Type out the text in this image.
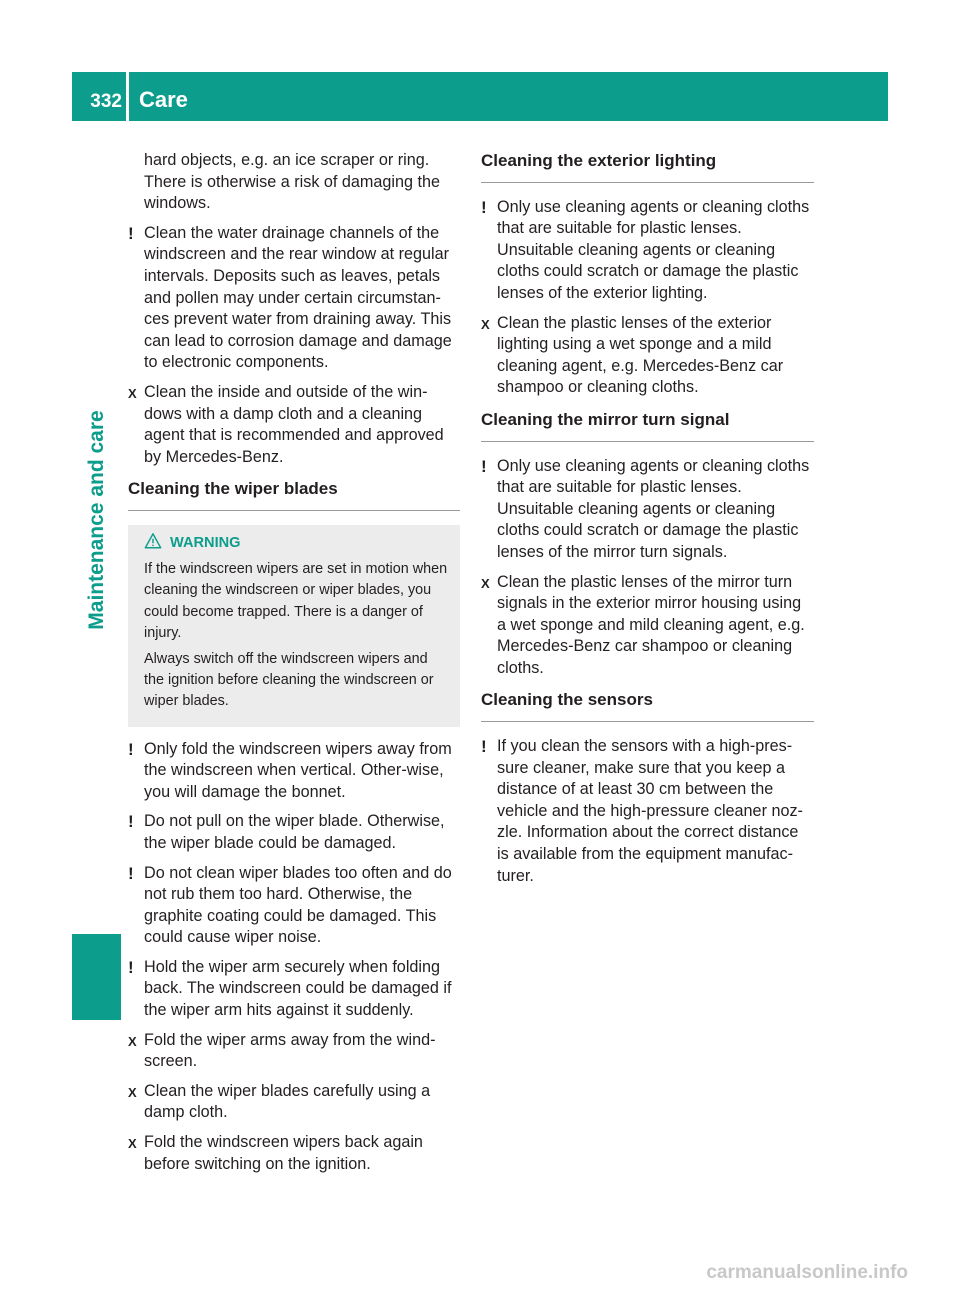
332 Care
Maintenance and care

hard objects, e.g. an ice scraper or ring. There is otherwise a risk of damaging the windows.

! Clean the water drainage channels of the windscreen and the rear window at regular intervals. Deposits such as leaves, petals and pollen may under certain circumstan-ces prevent water from draining away. This can lead to corrosion damage and damage to electronic components.

X Clean the inside and outside of the win-dows with a damp cloth and a cleaning agent that is recommended and approved by Mercedes-Benz.

Cleaning the wiper blades
WARNING

If the windscreen wipers are set in motion when cleaning the windscreen or wiper blades, you could become trapped. There is a danger of injury.

Always switch off the windscreen wipers and the ignition before cleaning the windscreen or wiper blades.

! Only fold the windscreen wipers away from the windscreen when vertical. Other-wise, you will damage the bonnet.

! Do not pull on the wiper blade. Otherwise, the wiper blade could be damaged.

! Do not clean wiper blades too often and do not rub them too hard. Otherwise, the graphite coating could be damaged. This could cause wiper noise.

! Hold the wiper arm securely when folding back. The windscreen could be damaged if the wiper arm hits against it suddenly.

X Fold the wiper arms away from the wind-screen.

X Clean the wiper blades carefully using a damp cloth.

X Fold the windscreen wipers back again before switching on the ignition.

Cleaning the exterior lighting
! Only use cleaning agents or cleaning cloths that are suitable for plastic lenses. Unsuitable cleaning agents or cleaning cloths could scratch or damage the plastic lenses of the exterior lighting.

X Clean the plastic lenses of the exterior lighting using a wet sponge and a mild cleaning agent, e.g. Mercedes-Benz car shampoo or cleaning cloths.

Cleaning the mirror turn signal
! Only use cleaning agents or cleaning cloths that are suitable for plastic lenses. Unsuitable cleaning agents or cleaning cloths could scratch or damage the plastic lenses of the mirror turn signals.

X Clean the plastic lenses of the mirror turn signals in the exterior mirror housing using a wet sponge and mild cleaning agent, e.g. Mercedes-Benz car shampoo or cleaning cloths.

Cleaning the sensors
! If you clean the sensors with a high-pres-sure cleaner, make sure that you keep a distance of at least 30 cm between the vehicle and the high-pressure cleaner noz-zle. Information about the correct distance is available from the equipment manufac-turer.

carmanualsonline.info
